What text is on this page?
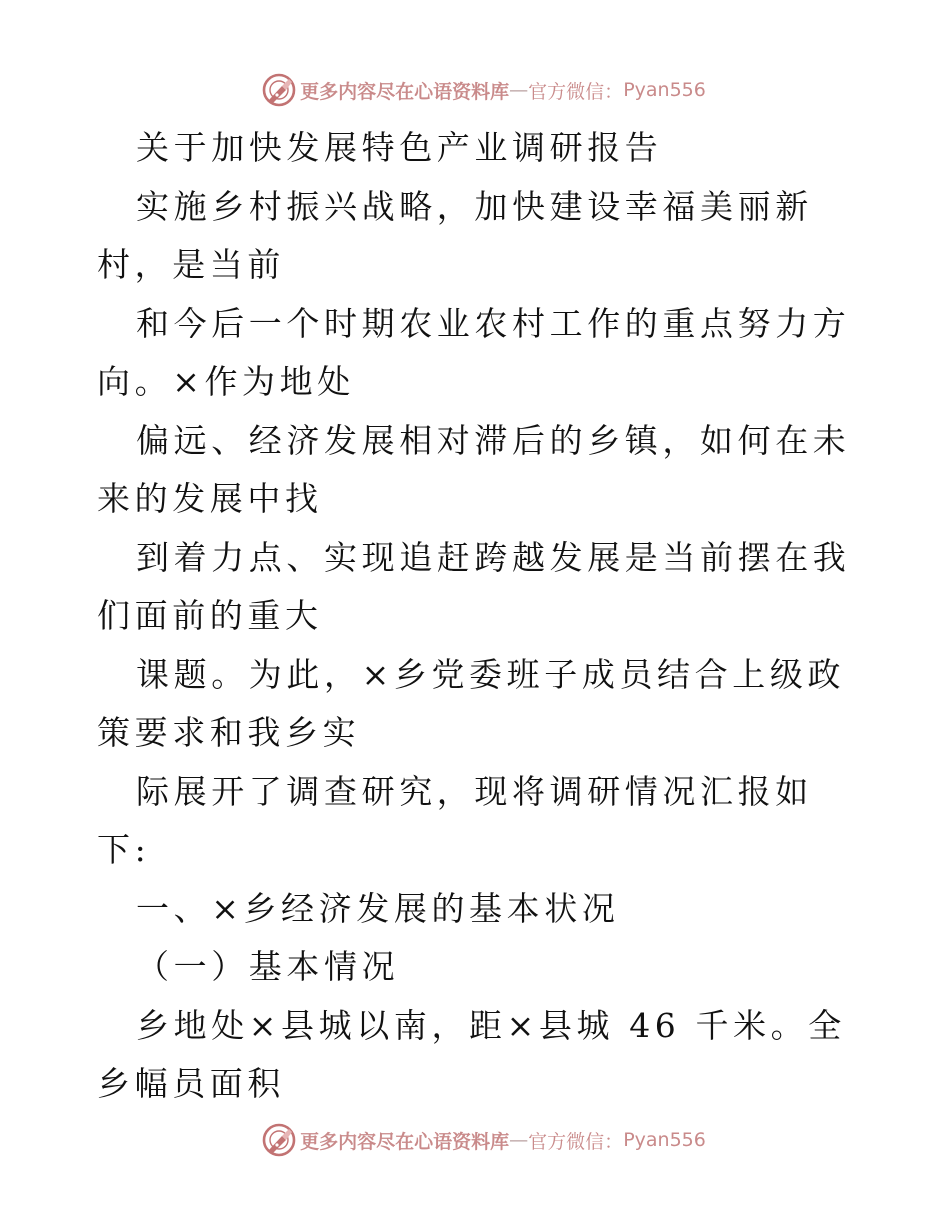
更多内容尽在心语资料库 — 官方微信： Pyan556

关于加快发展特色产业调研报告

实施乡村振兴战略，加快建设幸福美丽新村，是当前

和今后一个时期农业农村工作的重点努力方向。×作为地处

偏远、经济发展相对滞后的乡镇，如何在未来的发展中找

到着力点、实现追赶跨越发展是当前摆在我们面前的重大

课题。为此，×乡党委班子成员结合上级政策要求和我乡实

际展开了调查研究，现将调研情况汇报如下:

一、×乡经济发展的基本状况

（一）基本情况

乡地处×县城以南，距×县城 46 千米。全乡幅员面积

更多内容尽在心语资料库 — 官方微信： Pyan556
